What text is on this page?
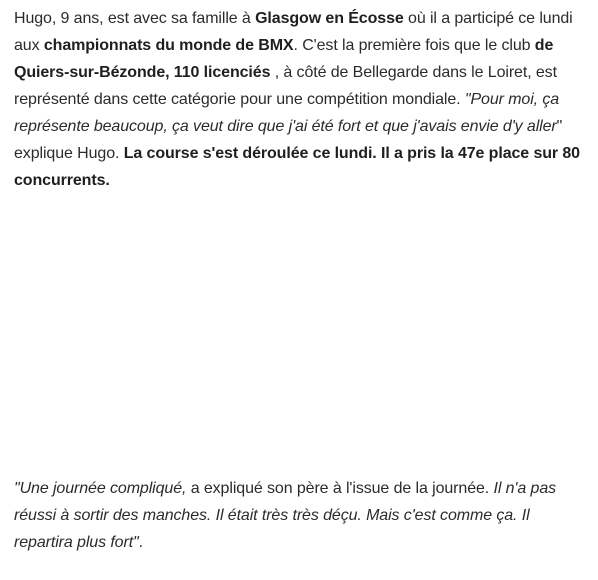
Hugo, 9 ans, est avec sa famille à Glasgow en Écosse où il a participé ce lundi
aux championnats du monde de BMX. C'est la première fois que le club de
Quiers-sur-Bézonde, 110 licenciés , à côté de Bellegarde dans le Loiret, est
représenté dans cette catégorie pour une compétition mondiale. "Pour moi, ça
représente beaucoup, ça veut dire que j'ai été fort et que j'avais envie d'y aller"
explique Hugo. La course s'est déroulée ce lundi. Il a pris la 47e place sur 80
concurrents.
"Une journée compliqué, a expliqué son père à l'issue de la journée. Il n'a pas
réussi à sortir des manches. Il était très très déçu. Mais c'est comme ça. Il
repartira plus fort".
